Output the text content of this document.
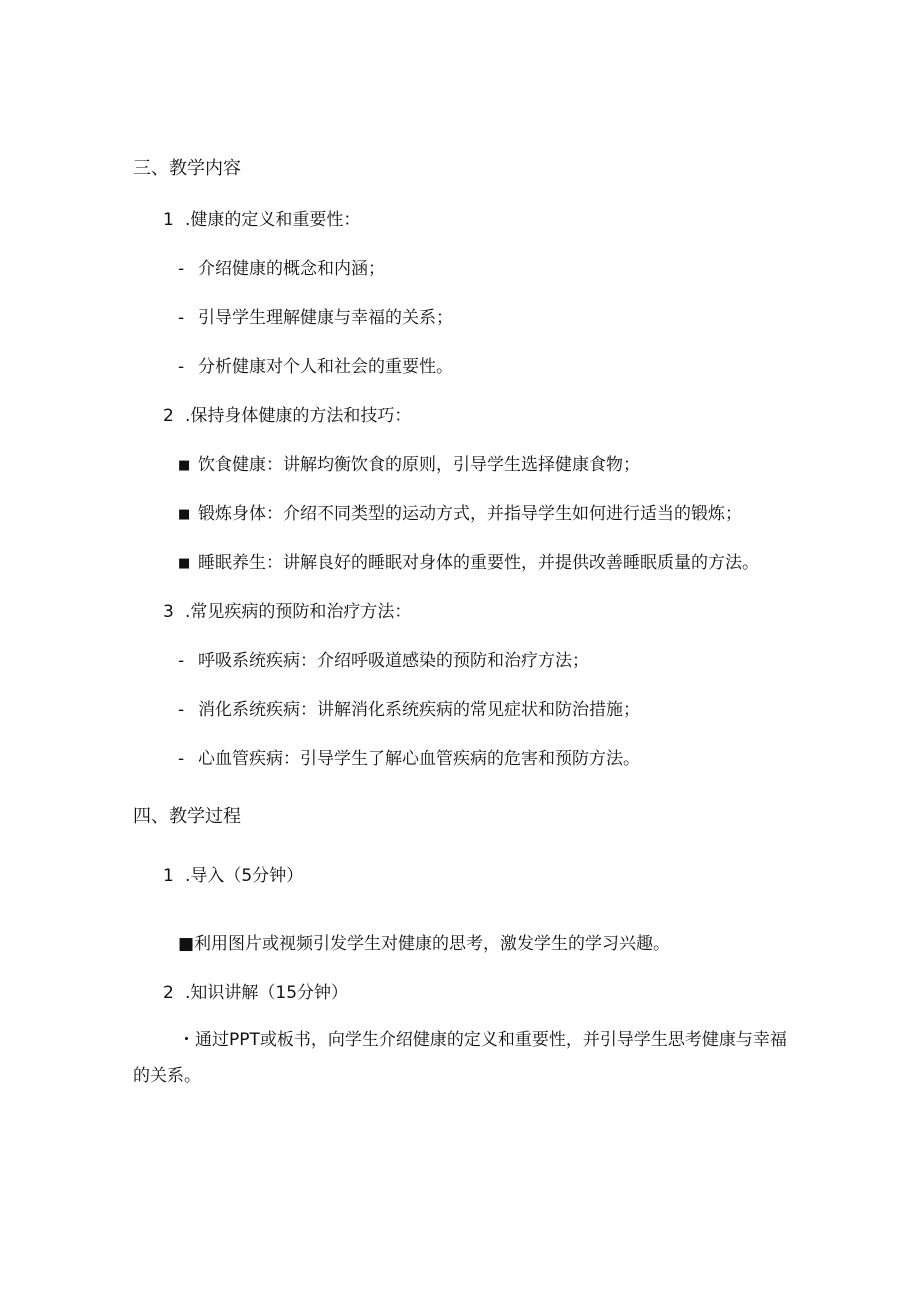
三、教学内容
1 .健康的定义和重要性：
- 介绍健康的概念和内涵；
- 引导学生理解健康与幸福的关系；
- 分析健康对个人和社会的重要性。
2 .保持身体健康的方法和技巧：
■ 饮食健康：讲解均衡饮食的原则，引导学生选择健康食物；
■ 锻炼身体：介绍不同类型的运动方式，并指导学生如何进行适当的锻炼；
■ 睡眠养生：讲解良好的睡眠对身体的重要性，并提供改善睡眠质量的方法。
3 .常见疾病的预防和治疗方法：
- 呼吸系统疾病：介绍呼吸道感染的预防和治疗方法；
- 消化系统疾病：讲解消化系统疾病的常见症状和防治措施；
- 心血管疾病：引导学生了解心血管疾病的危害和预防方法。
四、教学过程
1 .导入（5分钟）
■利用图片或视频引发学生对健康的思考，激发学生的学习兴趣。
2 .知识讲解（15分钟）
・通过PPT或板书，向学生介绍健康的定义和重要性，并引导学生思考健康与幸福的关系。
